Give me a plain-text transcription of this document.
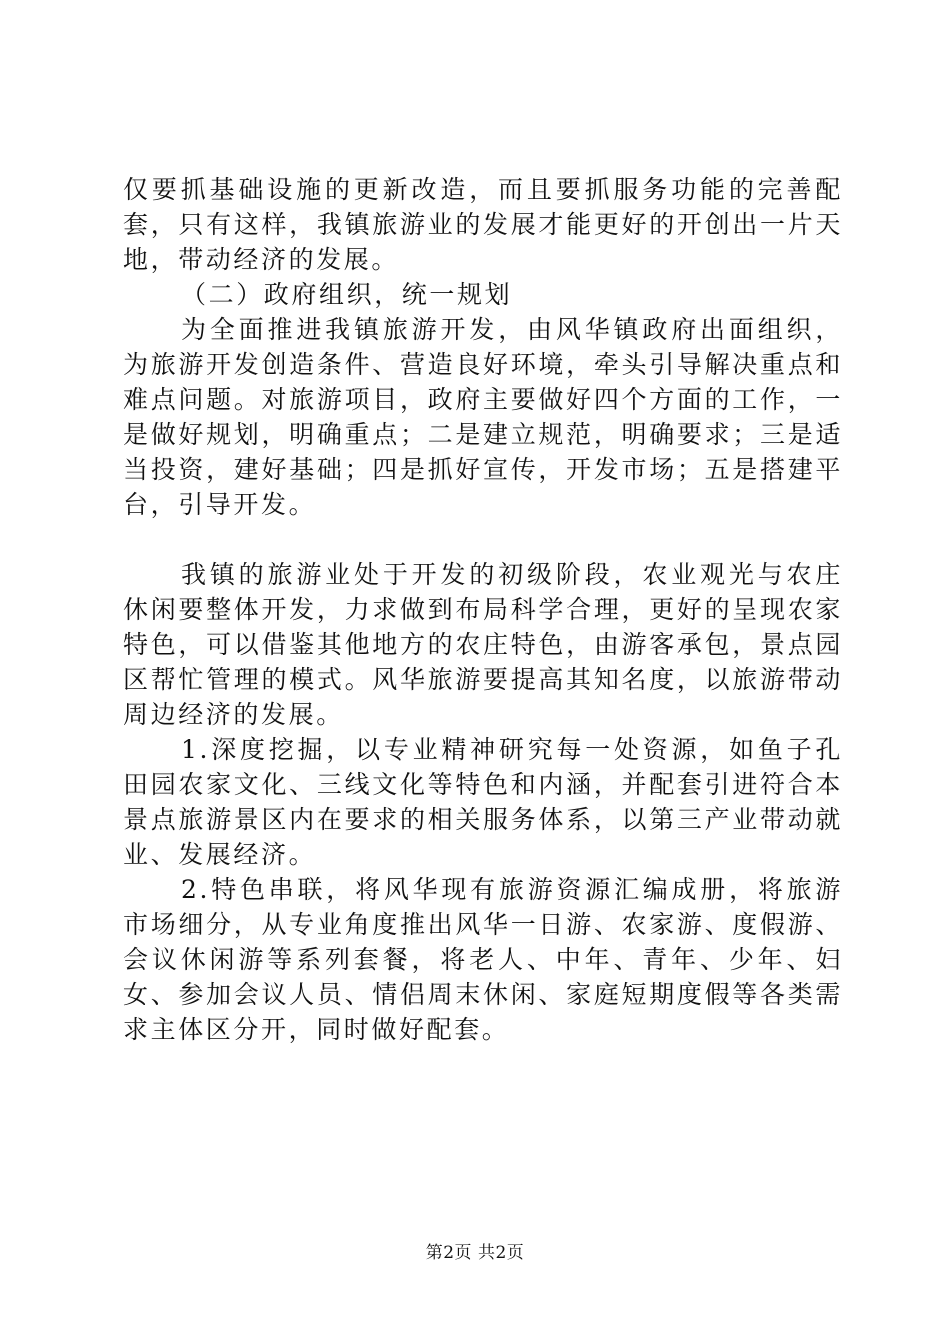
仅要抓基础设施的更新改造，而且要抓服务功能的完善配套，只有这样，我镇旅游业的发展才能更好的开创出一片天地，带动经济的发展。

（二）政府组织，统一规划

为全面推进我镇旅游开发，由风华镇政府出面组织，为旅游开发创造条件、营造良好环境，牵头引导解决重点和难点问题。对旅游项目，政府主要做好四个方面的工作，一是做好规划，明确重点；二是建立规范，明确要求；三是适当投资，建好基础；四是抓好宣传，开发市场；五是搭建平台，引导开发。

我镇的旅游业处于开发的初级阶段，农业观光与农庄休闲要整体开发，力求做到布局科学合理，更好的呈现农家特色，可以借鉴其他地方的农庄特色，由游客承包，景点园区帮忙管理的模式。风华旅游要提高其知名度，以旅游带动周边经济的发展。

1.深度挖掘，以专业精神研究每一处资源，如鱼子孔田园农家文化、三线文化等特色和内涵，并配套引进符合本景点旅游景区内在要求的相关服务体系，以第三产业带动就业、发展经济。

2.特色串联，将风华现有旅游资源汇编成册，将旅游市场细分，从专业角度推出风华一日游、农家游、度假游、会议休闲游等系列套餐，将老人、中年、青年、少年、妇女、参加会议人员、情侣周末休闲、家庭短期度假等各类需求主体区分开，同时做好配套。

第2页 共2页
